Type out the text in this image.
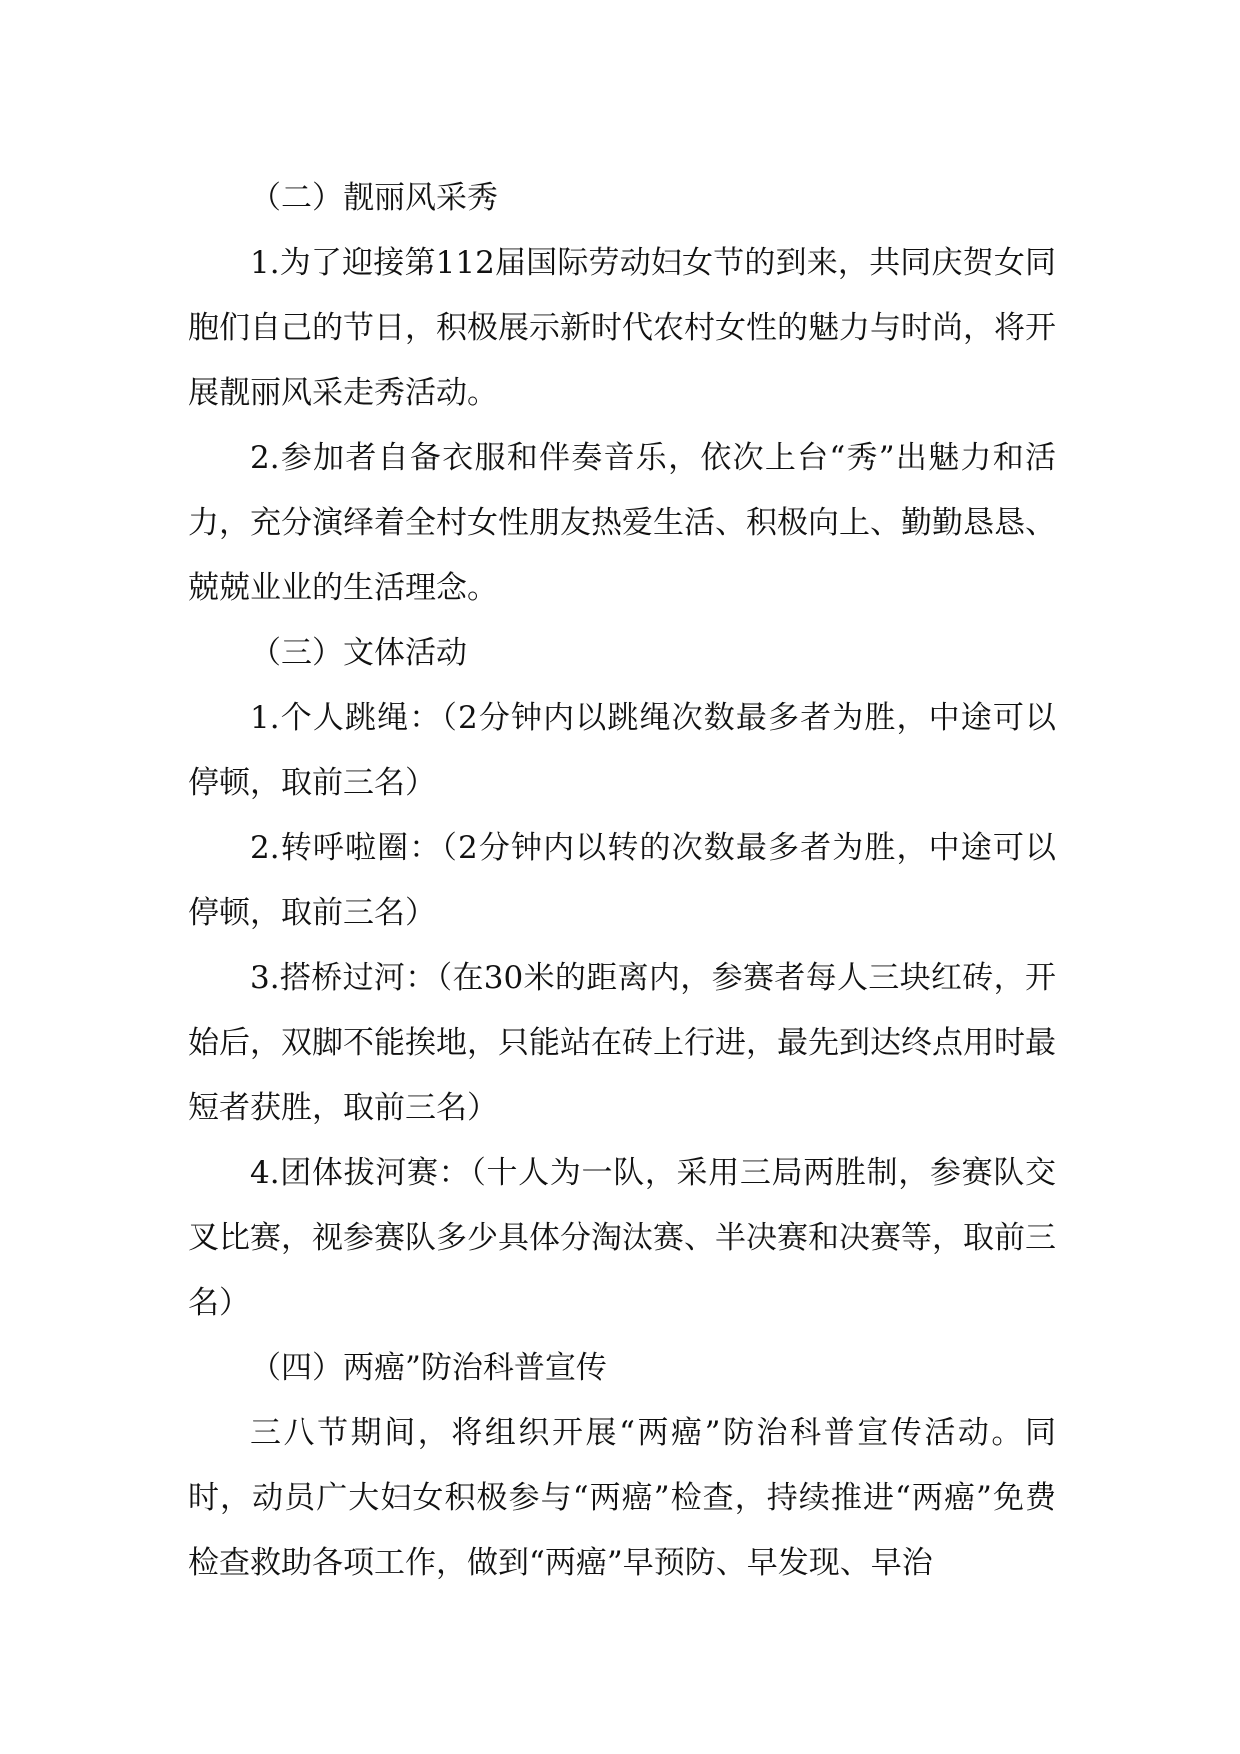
（二）靓丽风采秀

1.为了迎接第112届国际劳动妇女节的到来，共同庆贺女同胞们自己的节日，积极展示新时代农村女性的魅力与时尚，将开展靓丽风采走秀活动。

2.参加者自备衣服和伴奏音乐，依次上台“秀”出魅力和活力，充分演绎着全村女性朋友热爱生活、积极向上、勤勤恳恳、兢兢业业的生活理念。

（三）文体活动

1.个人跳绳：（2分钟内以跳绳次数最多者为胜，中途可以停顿，取前三名）

2.转呼啦圈：（2分钟内以转的次数最多者为胜，中途可以停顿，取前三名）

3.搭桥过河：（在30米的距离内，参赛者每人三块红砖，开始后，双脚不能挨地，只能站在砖上行进，最先到达终点用时最短者获胜，取前三名）

4.团体拔河赛：（十人为一队，采用三局两胜制，参赛队交叉比赛，视参赛队多少具体分淘汰赛、半决赛和决赛等，取前三名）

（四）两癌”防治科普宣传

三八节期间，将组织开展“两癌”防治科普宣传活动。同时，动员广大妇女积极参与“两癌”检查，持续推进“两癌”免费检查救助各项工作，做到“两癌”早预防、早发现、早治
